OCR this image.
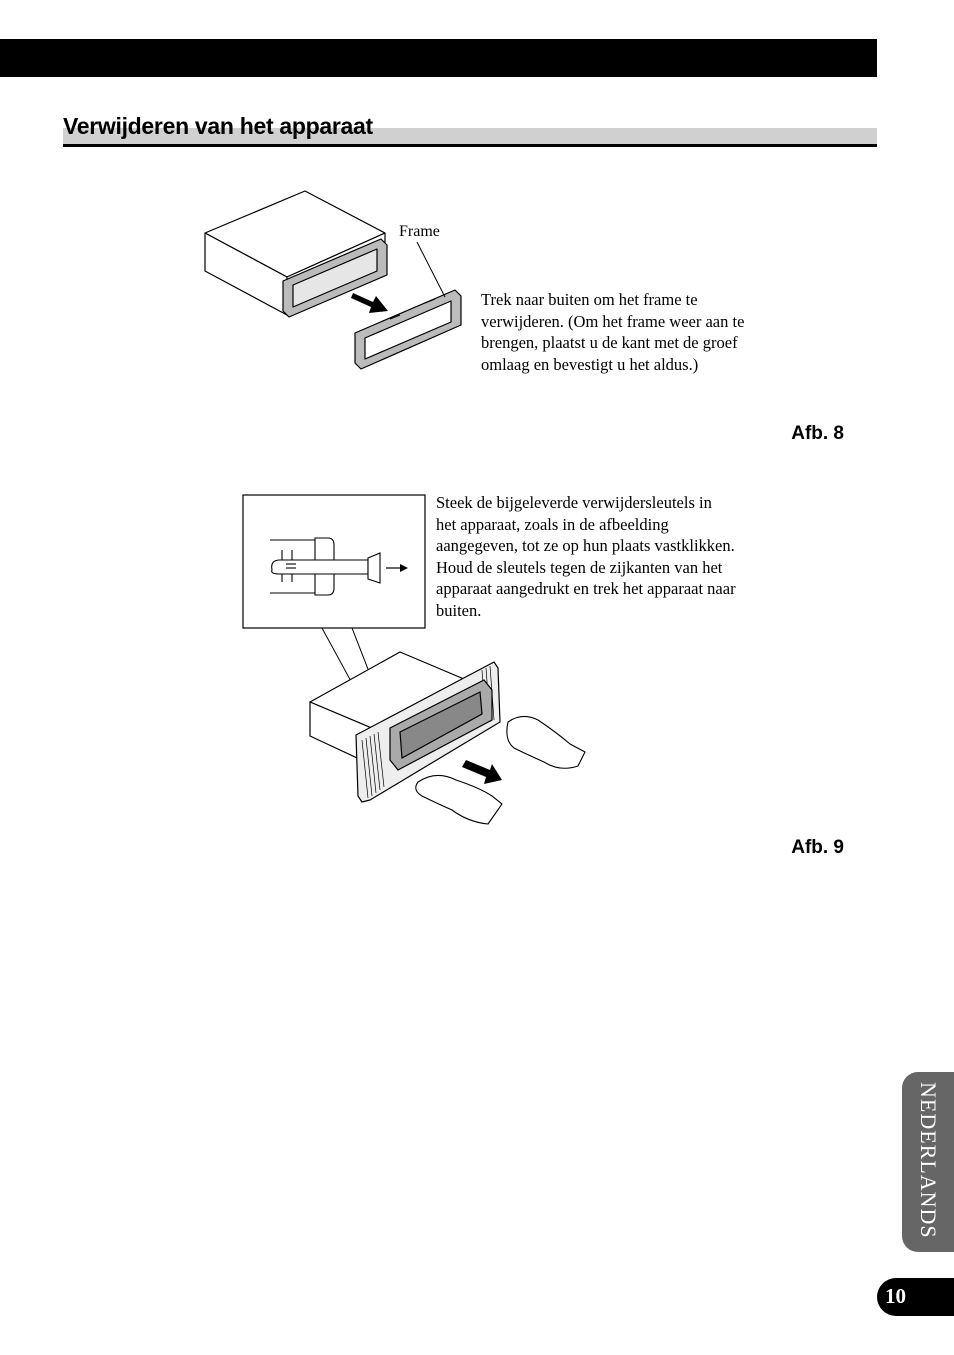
Verwijderen van het apparaat
Frame
Trek naar buiten om het frame te verwijderen. (Om het frame weer aan te brengen, plaatst u de kant met de groef omlaag en bevestigt u het aldus.)
Afb. 8
Steek de bijgeleverde verwijdersleutels in het apparaat, zoals in de afbeelding aangegeven, tot ze op hun plaats vastklikken. Houd de sleutels tegen de zijkanten van het apparaat aangedrukt en trek het apparaat naar buiten.
Afb. 9
NEDERLANDS
10
